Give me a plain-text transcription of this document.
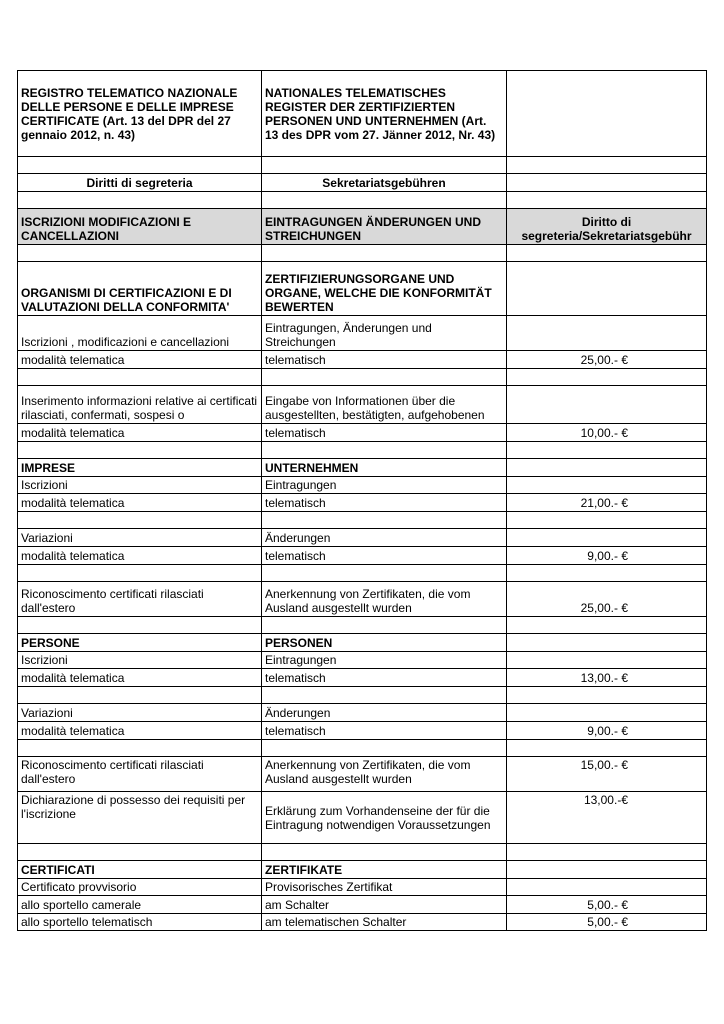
REGISTRO TELEMATICO NAZIONALE DELLE PERSONE E DELLE IMPRESE CERTIFICATE (Art. 13 del DPR del 27 gennaio 2012, n. 43)	NATIONALES TELEMATISCHES REGISTER DER ZERTIFIZIERTEN PERSONEN UND UNTERNEHMEN (Art. 13 des DPR vom 27. Jänner 2012, Nr. 43)	

Diritti di segreteria	Sekretariatsgebühren	

ISCRIZIONI MODIFICAZIONI E CANCELLAZIONI	EINTRAGUNGEN ÄNDERUNGEN UND STREICHUNGEN	Diritto di segreteria/Sekretariatsgebühr

ORGANISMI DI CERTIFICAZIONI E DI VALUTAZIONI DELLA CONFORMITA'	ZERTIFIZIERUNGSORGANE UND ORGANE, WELCHE DIE KONFORMITÄT BEWERTEN	
Iscrizioni , modificazioni e cancellazioni	Eintragungen, Änderungen und Streichungen	
modalità telematica	telematisch	25,00.- €

Inserimento informazioni relative ai certificati rilasciati, confermati, sospesi o	Eingabe von Informationen über die ausgestellten, bestätigten, aufgehobenen	
modalità telematica	telematisch	10,00.- €

IMPRESE	UNTERNEHMEN	
Iscrizioni	Eintragungen	
modalità telematica	telematisch	21,00.- €

Variazioni	Änderungen	
modalità telematica	telematisch	9,00.- €

Riconoscimento certificati rilasciati dall'estero	Anerkennung von Zertifikaten, die vom Ausland ausgestellt wurden	25,00.- €

PERSONE	PERSONEN	
Iscrizioni	Eintragungen	
modalità telematica	telematisch	13,00.- €

Variazioni	Änderungen	
modalità telematica	telematisch	9,00.- €

Riconoscimento certificati rilasciati dall'estero	Anerkennung von Zertifikaten, die vom Ausland ausgestellt wurden	15,00.- €
Dichiarazione di possesso dei requisiti per l'iscrizione	Erklärung zum Vorhandenseine der für die Eintragung notwendigen Voraussetzungen	13,00.-€

CERTIFICATI	ZERTIFIKATE	
Certificato provvisorio	Provisorisches Zertifikat	
allo sportello camerale	am Schalter	5,00.- €
allo sportello telematisch	am telematischen Schalter	5,00.- €
